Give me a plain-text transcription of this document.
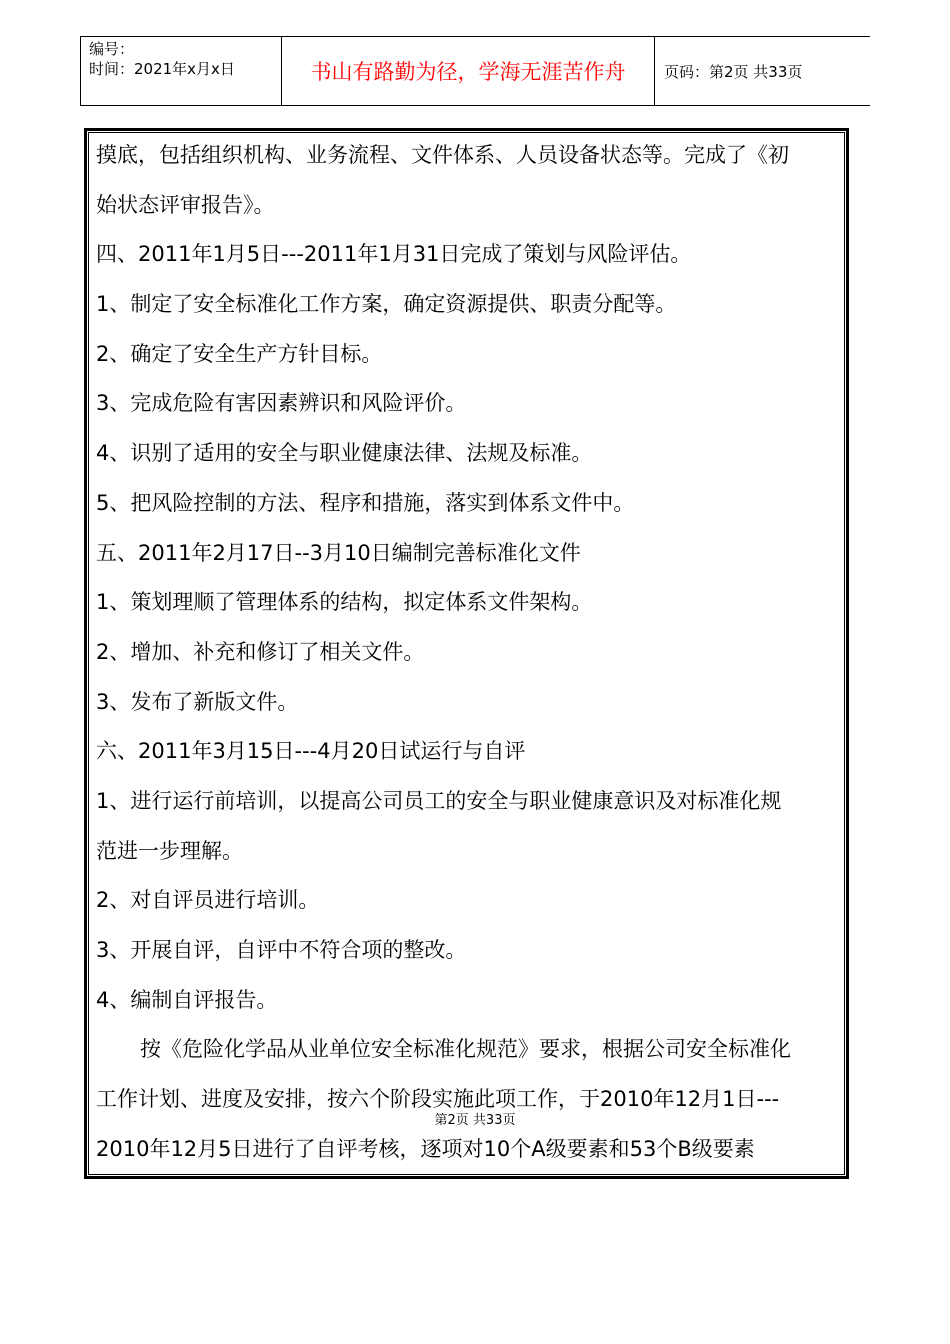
编号：
时间：2021年x月x日	书山有路勤为径，学海无涯苦作舟	页码：第2页 共33页
摸底，包括组织机构、业务流程、文件体系、人员设备状态等。完成了《初
始状态评审报告》。
四、2011年1月5日---2011年1月31日完成了策划与风险评估。
1、制定了安全标准化工作方案，确定资源提供、职责分配等。
2、确定了安全生产方针目标。
3、完成危险有害因素辨识和风险评价。
4、识别了适用的安全与职业健康法律、法规及标准。
5、把风险控制的方法、程序和措施，落实到体系文件中。
五、2011年2月17日--3月10日编制完善标准化文件
1、策划理顺了管理体系的结构，拟定体系文件架构。
2、增加、补充和修订了相关文件。
3、发布了新版文件。
六、2011年3月15日---4月20日试运行与自评
1、进行运行前培训，以提高公司员工的安全与职业健康意识及对标准化规
范进一步理解。
2、对自评员进行培训。
3、开展自评，自评中不符合项的整改。
4、编制自评报告。
按《危险化学品从业单位安全标准化规范》要求，根据公司安全标准化
工作计划、进度及安排，按六个阶段实施此项工作，于2010年12月1日---
2010年12月5日进行了自评考核，逐项对10个A级要素和53个B级要素
第2页 共33页
